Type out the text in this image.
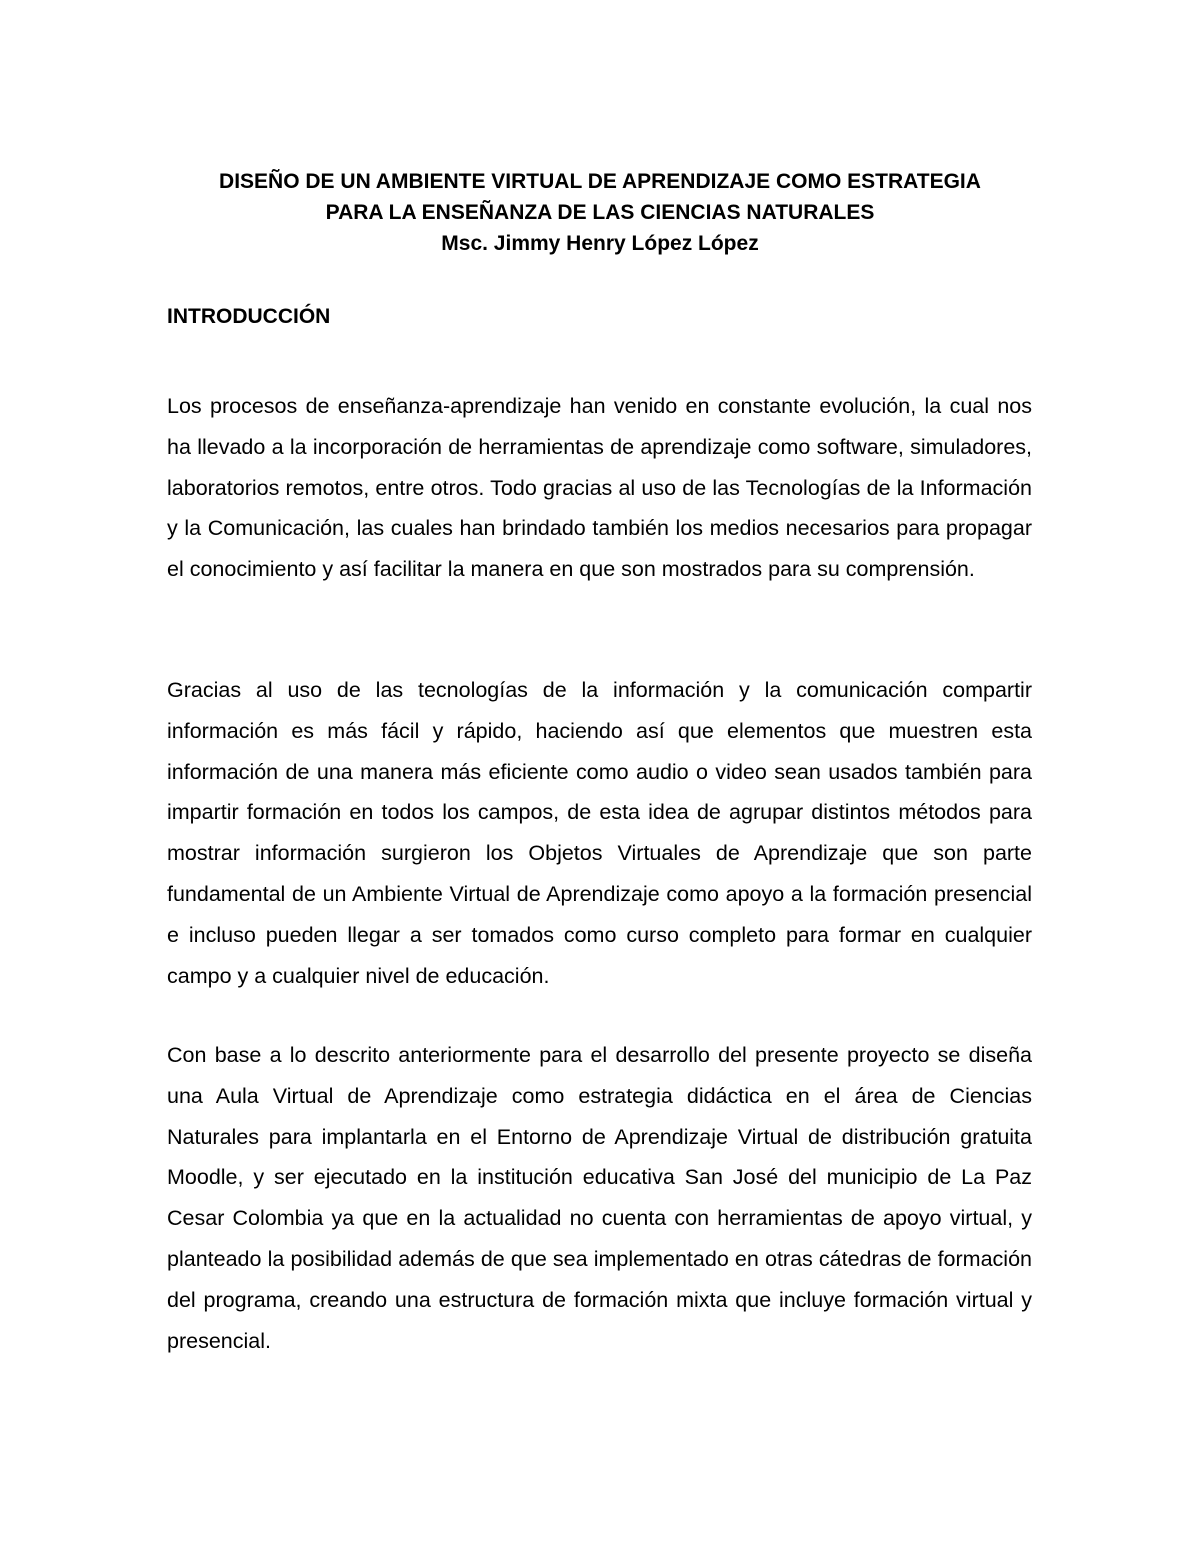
DISEÑO DE UN AMBIENTE VIRTUAL DE APRENDIZAJE COMO ESTRATEGIA
PARA LA ENSEÑANZA DE LAS CIENCIAS NATURALES
Msc. Jimmy Henry López López
INTRODUCCIÓN

Los procesos de enseñanza-aprendizaje han venido en constante evolución, la cual nos ha llevado a la incorporación de herramientas de aprendizaje como software, simuladores, laboratorios remotos, entre otros. Todo gracias al uso de las Tecnologías de la Información y la Comunicación, las cuales han brindado también los medios necesarios para propagar el conocimiento y así facilitar la manera en que son mostrados para su comprensión.

Gracias al uso de las tecnologías de la información y la comunicación compartir información es más fácil y rápido, haciendo así que elementos que muestren esta información de una manera más eficiente como audio o video sean usados también para impartir formación en todos los campos, de esta idea de agrupar distintos métodos para mostrar información surgieron los Objetos Virtuales de Aprendizaje que son parte fundamental de un Ambiente Virtual de Aprendizaje como apoyo a la formación presencial e incluso pueden llegar a ser tomados como curso completo para formar en cualquier campo y a cualquier nivel de educación.

Con base a lo descrito anteriormente para el desarrollo del presente proyecto se diseña una Aula Virtual de Aprendizaje como estrategia didáctica en el área de Ciencias Naturales para implantarla en el Entorno de Aprendizaje Virtual de distribución gratuita Moodle, y ser ejecutado en la institución educativa San José del municipio de La Paz Cesar Colombia ya que en la actualidad no cuenta con herramientas de apoyo virtual, y planteado la posibilidad además de que sea implementado en otras cátedras de formación del programa, creando una estructura de formación mixta que incluye formación virtual y presencial.
